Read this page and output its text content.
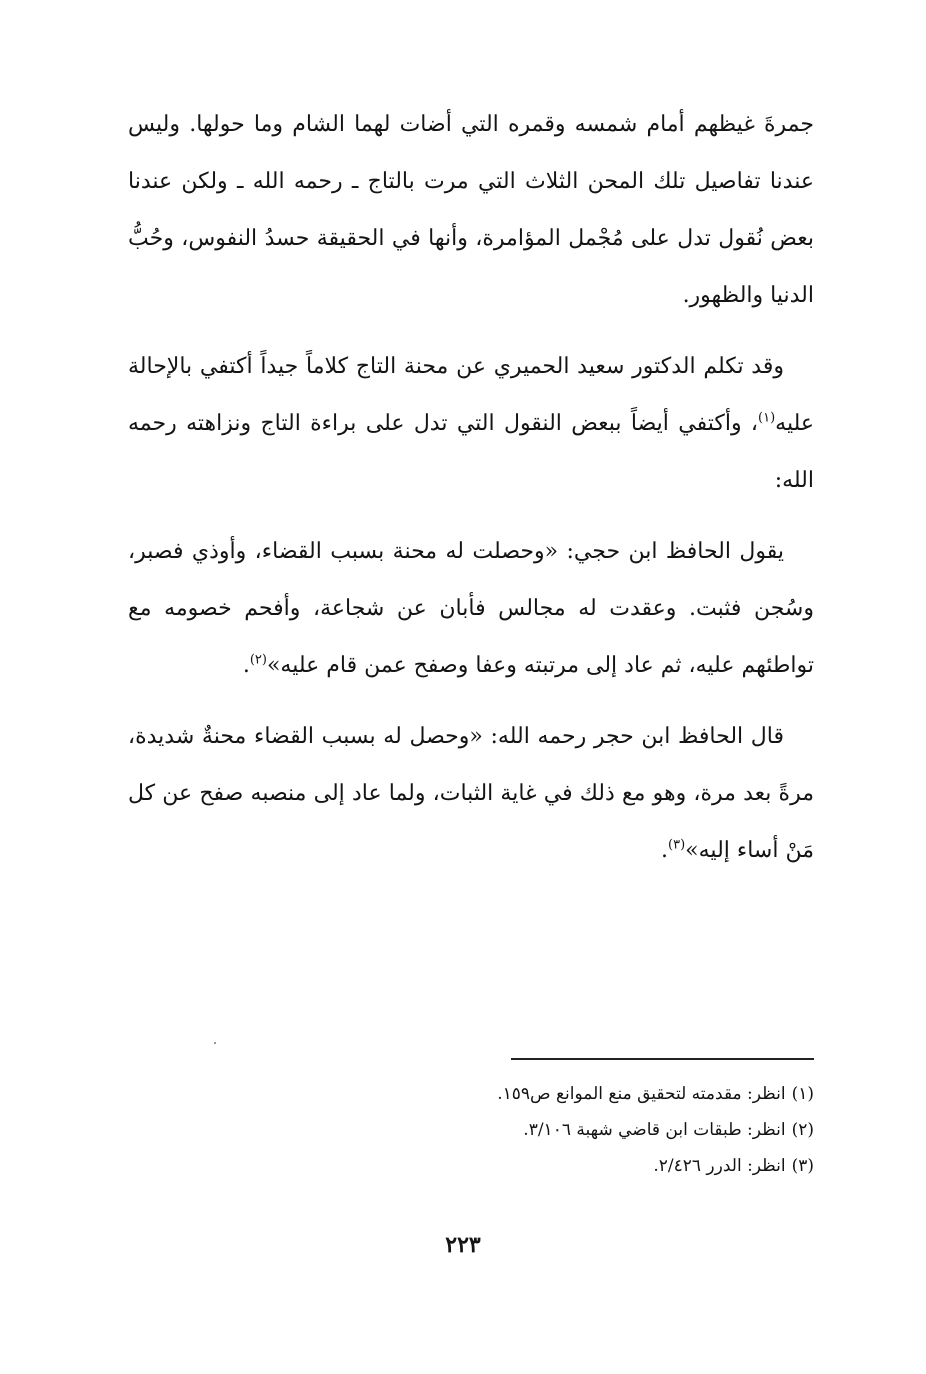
جمرةَ غيظهم أمام شمسه وقمره التي أضات لهما الشام وما حولها. وليس عندنا تفاصيل تلك المحن الثلاث التي مرت بالتاج ـ رحمه الله ـ ولكن عندنا بعض نُقول تدل على مُجْمل المؤامرة، وأنها في الحقيقة حسدُ النفوس، وحُبُّ الدنيا والظهور.

وقد تكلم الدكتور سعيد الحميري عن محنة التاج كلاماً جيداً أكتفي بالإحالة عليه$^{(١)}$، وأكتفي أيضاً ببعض النقول التي تدل على براءة التاج ونزاهته رحمه الله:

يقول الحافظ ابن حجي: «وحصلت له محنة بسبب القضاء، وأوذي فصبر، وسُجن فثبت. وعقدت له مجالس فأبان عن شجاعة، وأفحم خصومه مع تواطئهم عليه، ثم عاد إلى مرتبته وعفا وصفح عمن قام عليه»$^{(٢)}$.

قال الحافظ ابن حجر رحمه الله: «وحصل له بسبب القضاء محنةٌ شديدة، مرةً بعد مرة، وهو مع ذلك في غاية الثبات، ولما عاد إلى منصبه صفح عن كل مَنْ أساء إليه»$^{(٣)}$.

(١)انظر: مقدمته لتحقيق منع الموانع ص١٥٩.
(٢)انظر: طبقات ابن قاضي شهبة ٣/١٠٦.
(٣)انظر: الدرر ٢/٤٢٦.
٢٢٣
